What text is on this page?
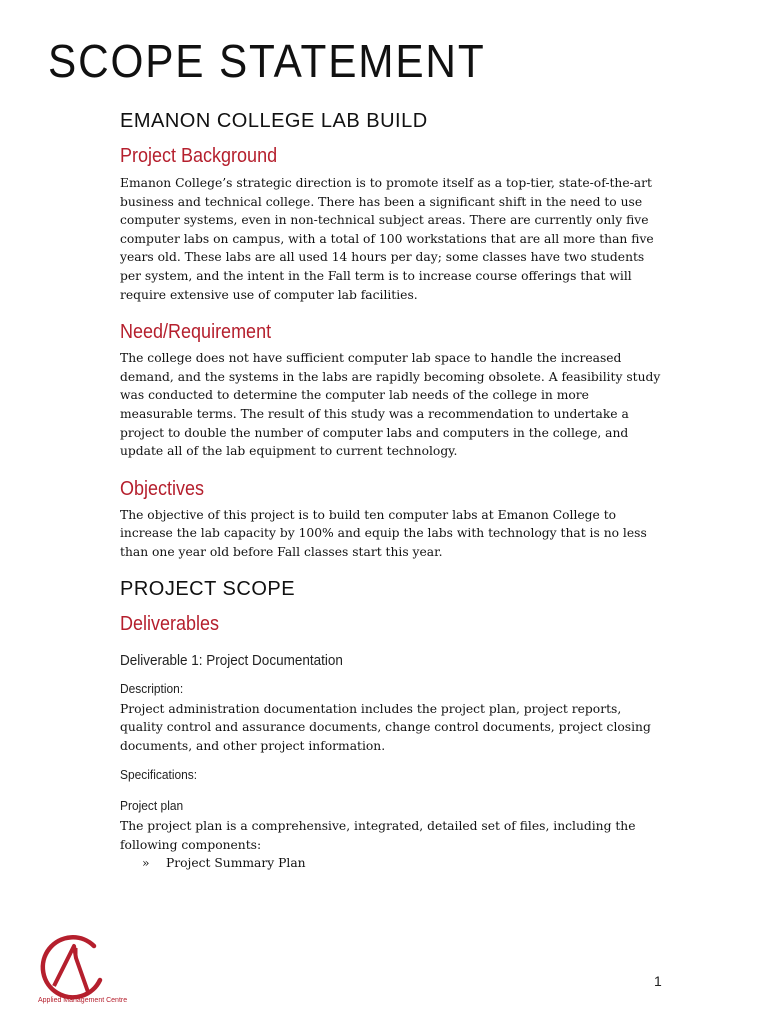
SCOPE STATEMENT
EMANON COLLEGE LAB BUILD
Project Background

Emanon College’s strategic direction is to promote itself as a top-tier, state-of-the-art business and technical college. There has been a significant shift in the need to use computer systems, even in non-technical subject areas. There are currently only five computer labs on campus, with a total of 100 workstations that are all more than five years old. These labs are all used 14 hours per day; some classes have two students per system, and the intent in the Fall term is to increase course offerings that will require extensive use of computer lab facilities.

Need/Requirement

The college does not have sufficient computer lab space to handle the increased demand, and the systems in the labs are rapidly becoming obsolete. A feasibility study was conducted to determine the computer lab needs of the college in more measurable terms. The result of this study was a recommendation to undertake a project to double the number of computer labs and computers in the college, and update all of the lab equipment to current technology.

Objectives

The objective of this project is to build ten computer labs at Emanon College to increase the lab capacity by 100% and equip the labs with technology that is no less than one year old before Fall classes start this year.

PROJECT SCOPE
Deliverables
Deliverable 1: Project Documentation
Description:

Project administration documentation includes the project plan, project reports, quality control and assurance documents, change control documents, project closing documents, and other project information.

Specifications:
Project plan

The project plan is a comprehensive, integrated, detailed set of files, including the following components:

» Project Summary Plan

Applied Management Centre
1
